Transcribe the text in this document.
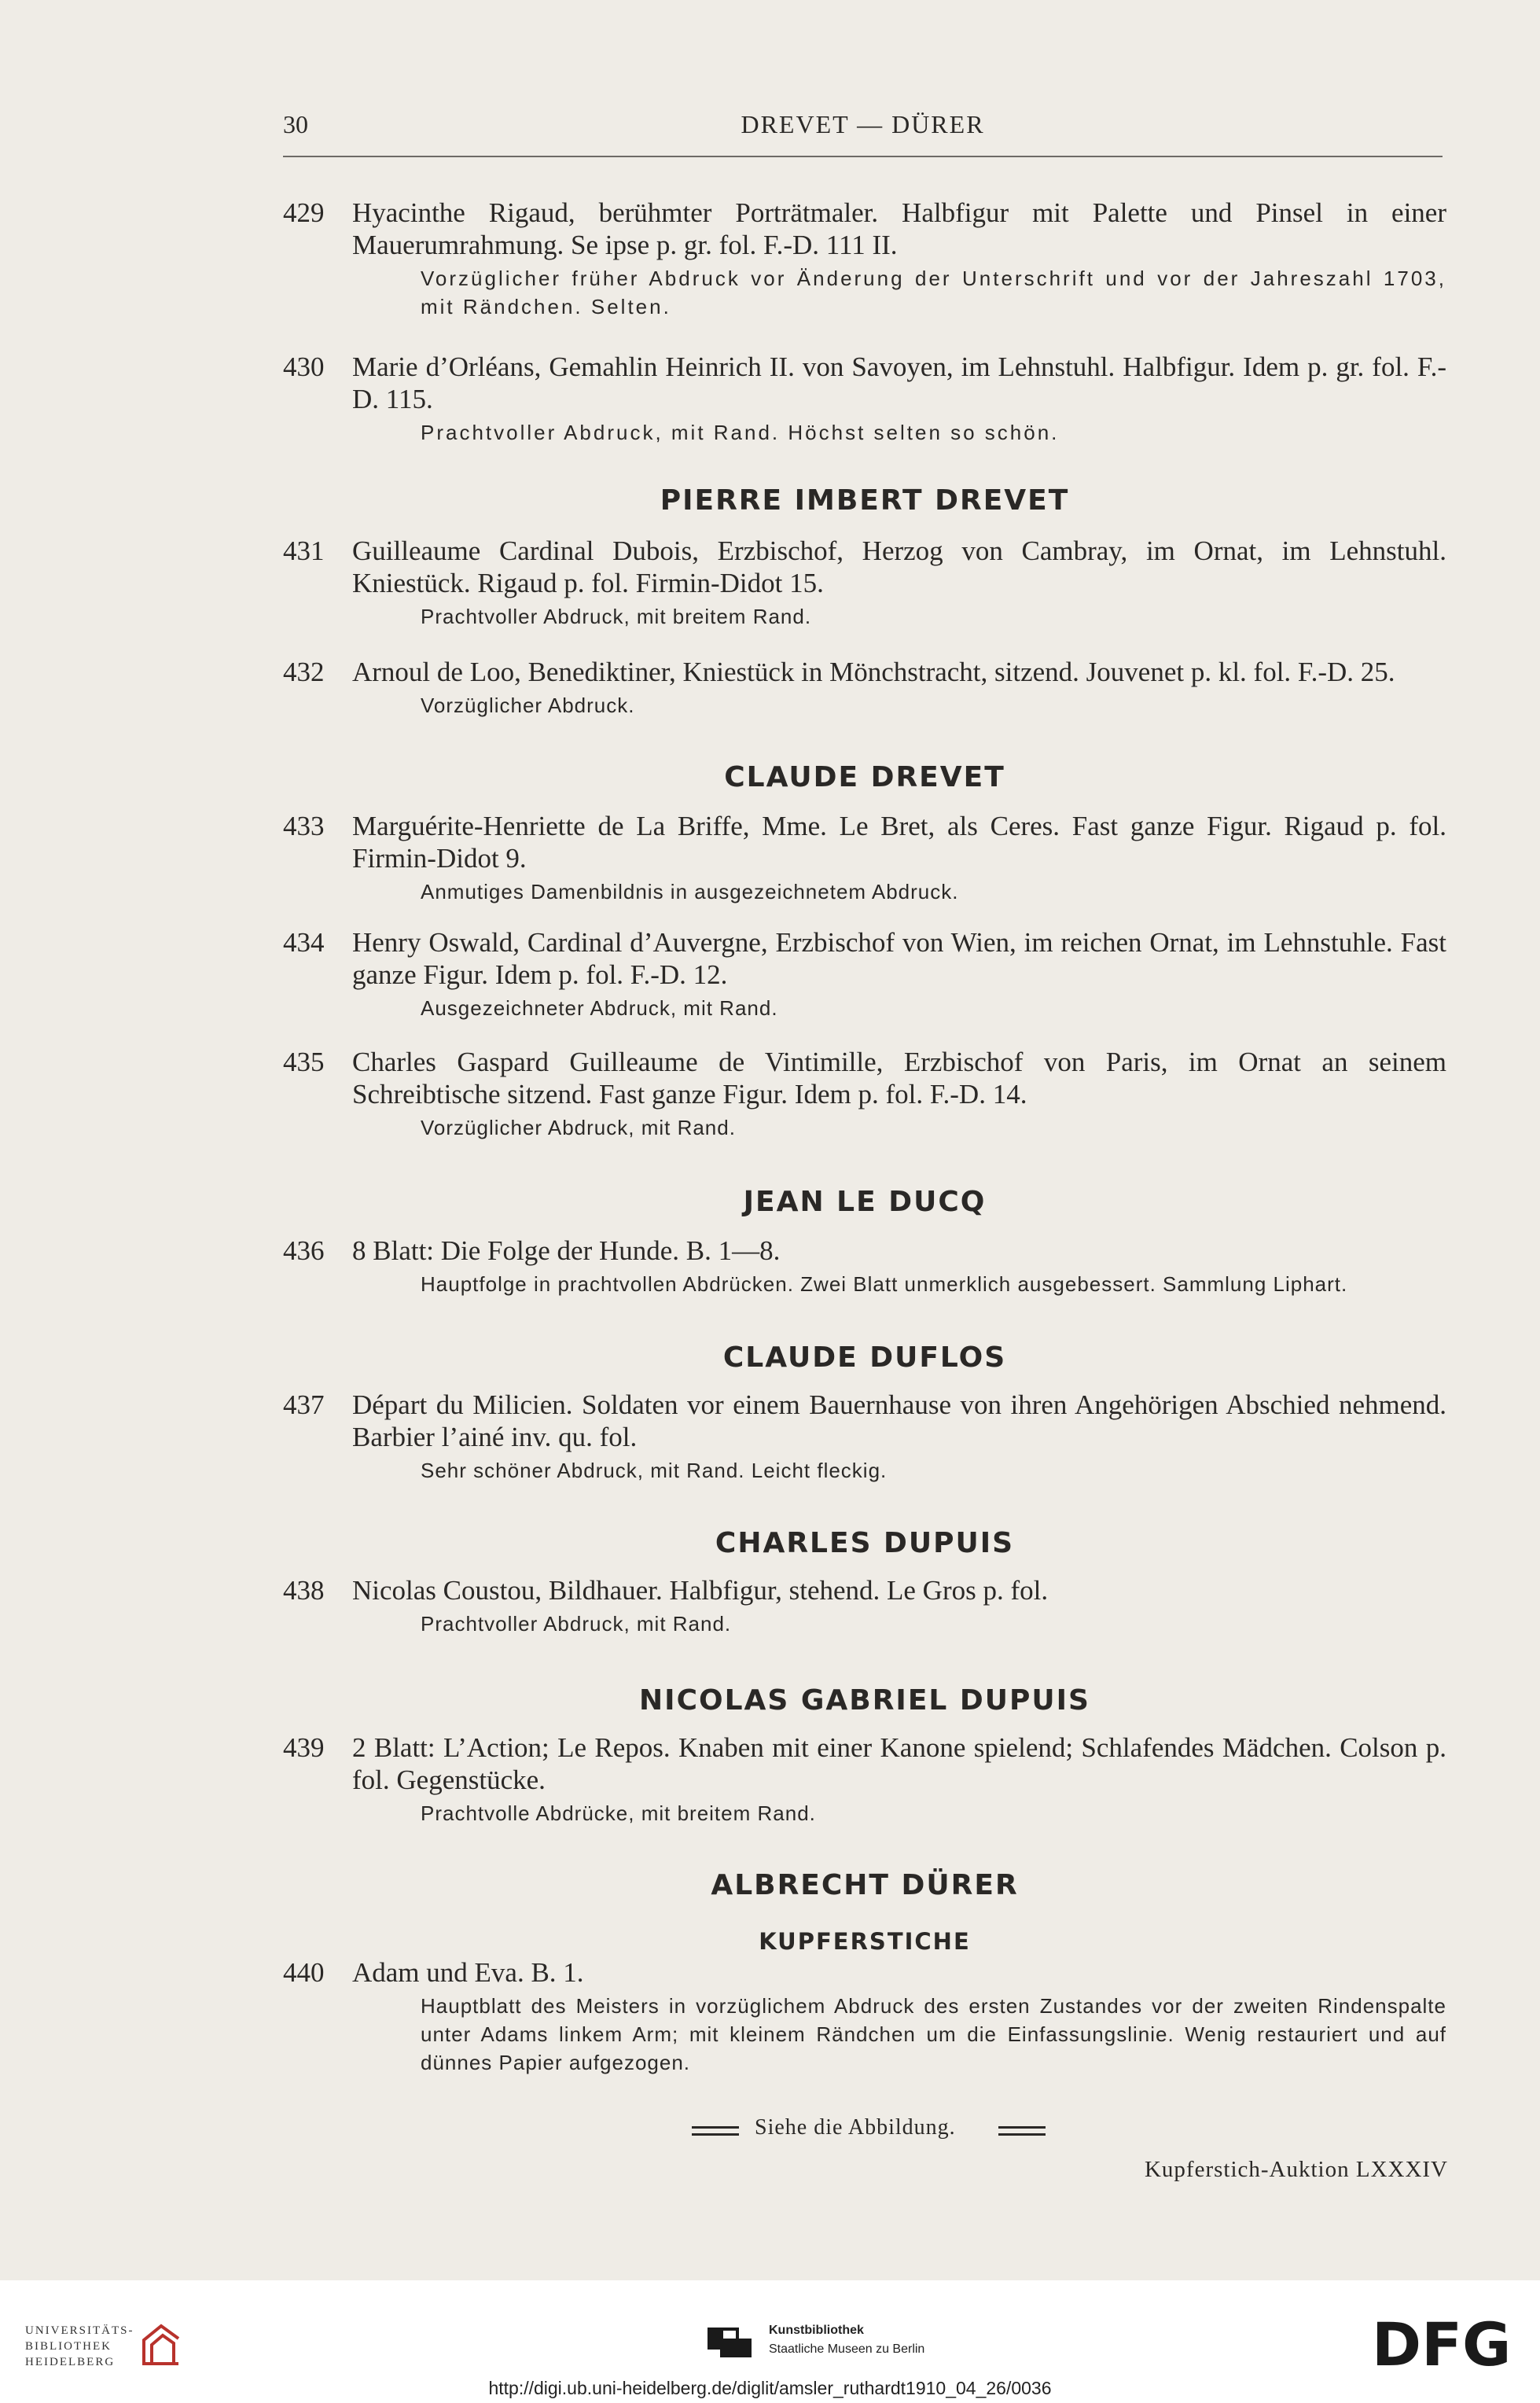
30	DREVET — DÜRER
429 Hyacinthe Rigaud, berühmter Porträtmaler. Halbfigur mit Palette und Pinsel in einer Mauerumrahmung. Se ipse p. gr. fol. F.-D. 111 II.
Vorzüglicher früher Abdruck vor Änderung der Unterschrift und vor der Jahreszahl 1703, mit Rändchen. Selten.
430 Marie d’Orléans, Gemahlin Heinrich II. von Savoyen, im Lehnstuhl. Halbfigur. Idem p. gr. fol. F.-D. 115.
Prachtvoller Abdruck, mit Rand. Höchst selten so schön.
PIERRE IMBERT DREVET
431 Guilleaume Cardinal Dubois, Erzbischof, Herzog von Cambray, im Ornat, im Lehnstuhl. Kniestück. Rigaud p. fol. Firmin-Didot 15.
Prachtvoller Abdruck, mit breitem Rand.
432 Arnoul de Loo, Benediktiner, Kniestück in Mönchstracht, sitzend. Jouvenet p. kl. fol. F.-D. 25.
Vorzüglicher Abdruck.
CLAUDE DREVET
433 Marguérite-Henriette de La Briffe, Mme. Le Bret, als Ceres. Fast ganze Figur. Rigaud p. fol. Firmin-Didot 9.
Anmutiges Damenbildnis in ausgezeichnetem Abdruck.
434 Henry Oswald, Cardinal d’Auvergne, Erzbischof von Wien, im reichen Ornat, im Lehnstuhle. Fast ganze Figur. Idem p. fol. F.-D. 12.
Ausgezeichneter Abdruck, mit Rand.
435 Charles Gaspard Guilleaume de Vintimille, Erzbischof von Paris, im Ornat an seinem Schreibtische sitzend. Fast ganze Figur. Idem p. fol. F.-D. 14.
Vorzüglicher Abdruck, mit Rand.
JEAN LE DUCQ
436 8 Blatt: Die Folge der Hunde. B. 1—8.
Hauptfolge in prachtvollen Abdrücken. Zwei Blatt unmerklich ausgebessert. Sammlung Liphart.
CLAUDE DUFLOS
437 Départ du Milicien. Soldaten vor einem Bauernhause von ihren Angehörigen Abschied nehmend. Barbier l’ainé inv. qu. fol.
Sehr schöner Abdruck, mit Rand. Leicht fleckig.
CHARLES DUPUIS
438 Nicolas Coustou, Bildhauer. Halbfigur, stehend. Le Gros p. fol.
Prachtvoller Abdruck, mit Rand.
NICOLAS GABRIEL DUPUIS
439 2 Blatt: L’Action; Le Repos. Knaben mit einer Kanone spielend; Schlafendes Mädchen. Colson p. fol. Gegenstücke.
Prachtvolle Abdrücke, mit breitem Rand.
ALBRECHT DÜRER
KUPFERSTICHE
440 Adam und Eva. B. 1.
Hauptblatt des Meisters in vorzüglichem Abdruck des ersten Zustandes vor der zweiten Rindenspalte unter Adams linkem Arm; mit kleinem Rändchen um die Einfassungslinie. Wenig restauriert und auf dünnes Papier aufgezogen.
Siehe die Abbildung.
Kupferstich-Auktion LXXXIV
UNIVERSITÄTS-
BIBLIOTHEK
HEIDELBERG
Kunstbibliothek
Staatliche Museen zu Berlin	DFG
http://digi.ub.uni-heidelberg.de/diglit/amsler_ruthardt1910_04_26/0036
